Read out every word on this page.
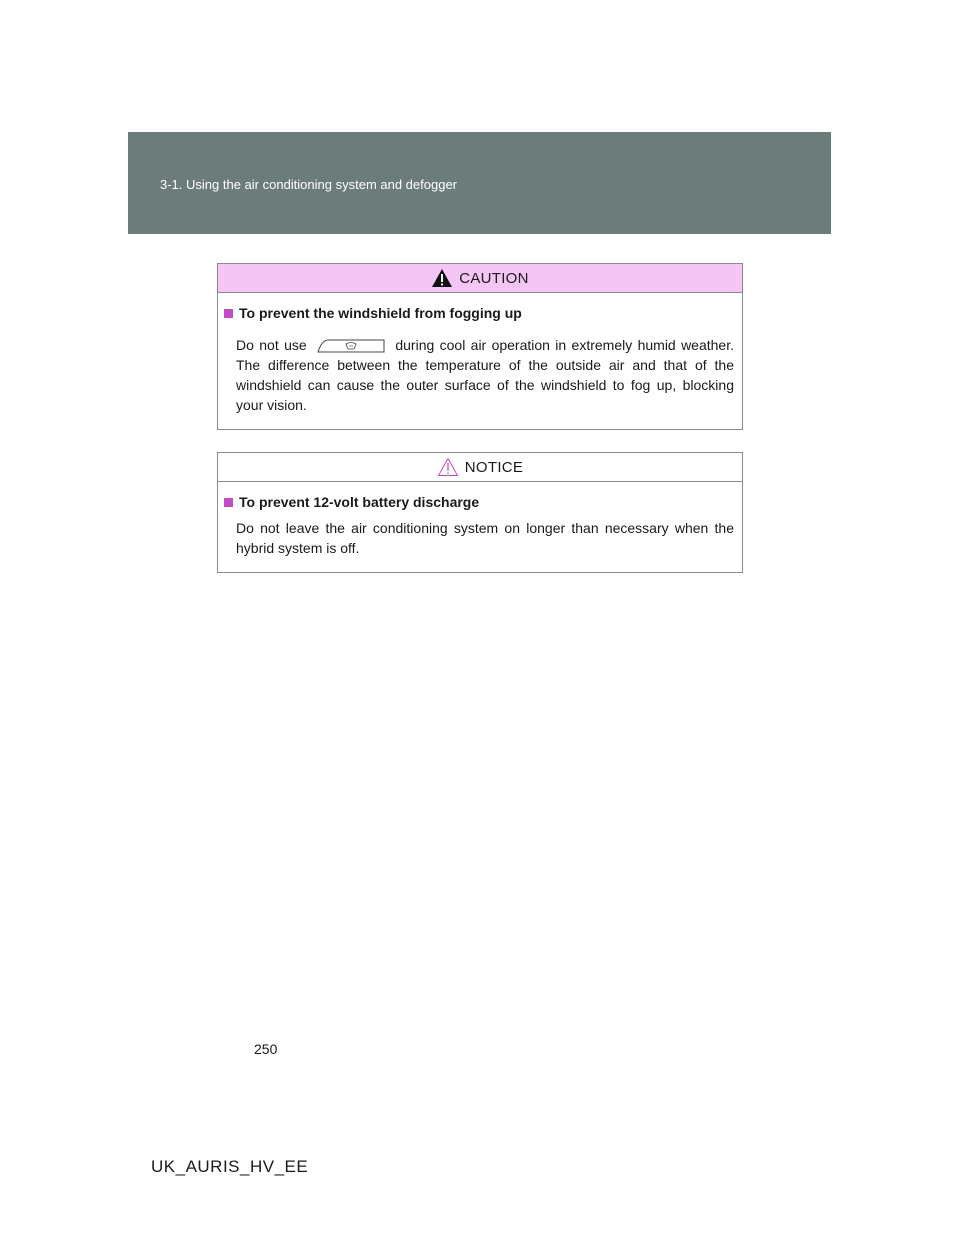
3-1. Using the air conditioning system and defogger
CAUTION
To prevent the windshield from fogging up
Do not use	during cool air operation in extremely humid weather. The difference between the temperature of the outside air and that of the windshield can cause the outer surface of the windshield to fog up, blocking your vision.
NOTICE
To prevent 12-volt battery discharge
Do not leave the air conditioning system on longer than necessary when the hybrid system is off.
250
UK_AURIS_HV_EE
